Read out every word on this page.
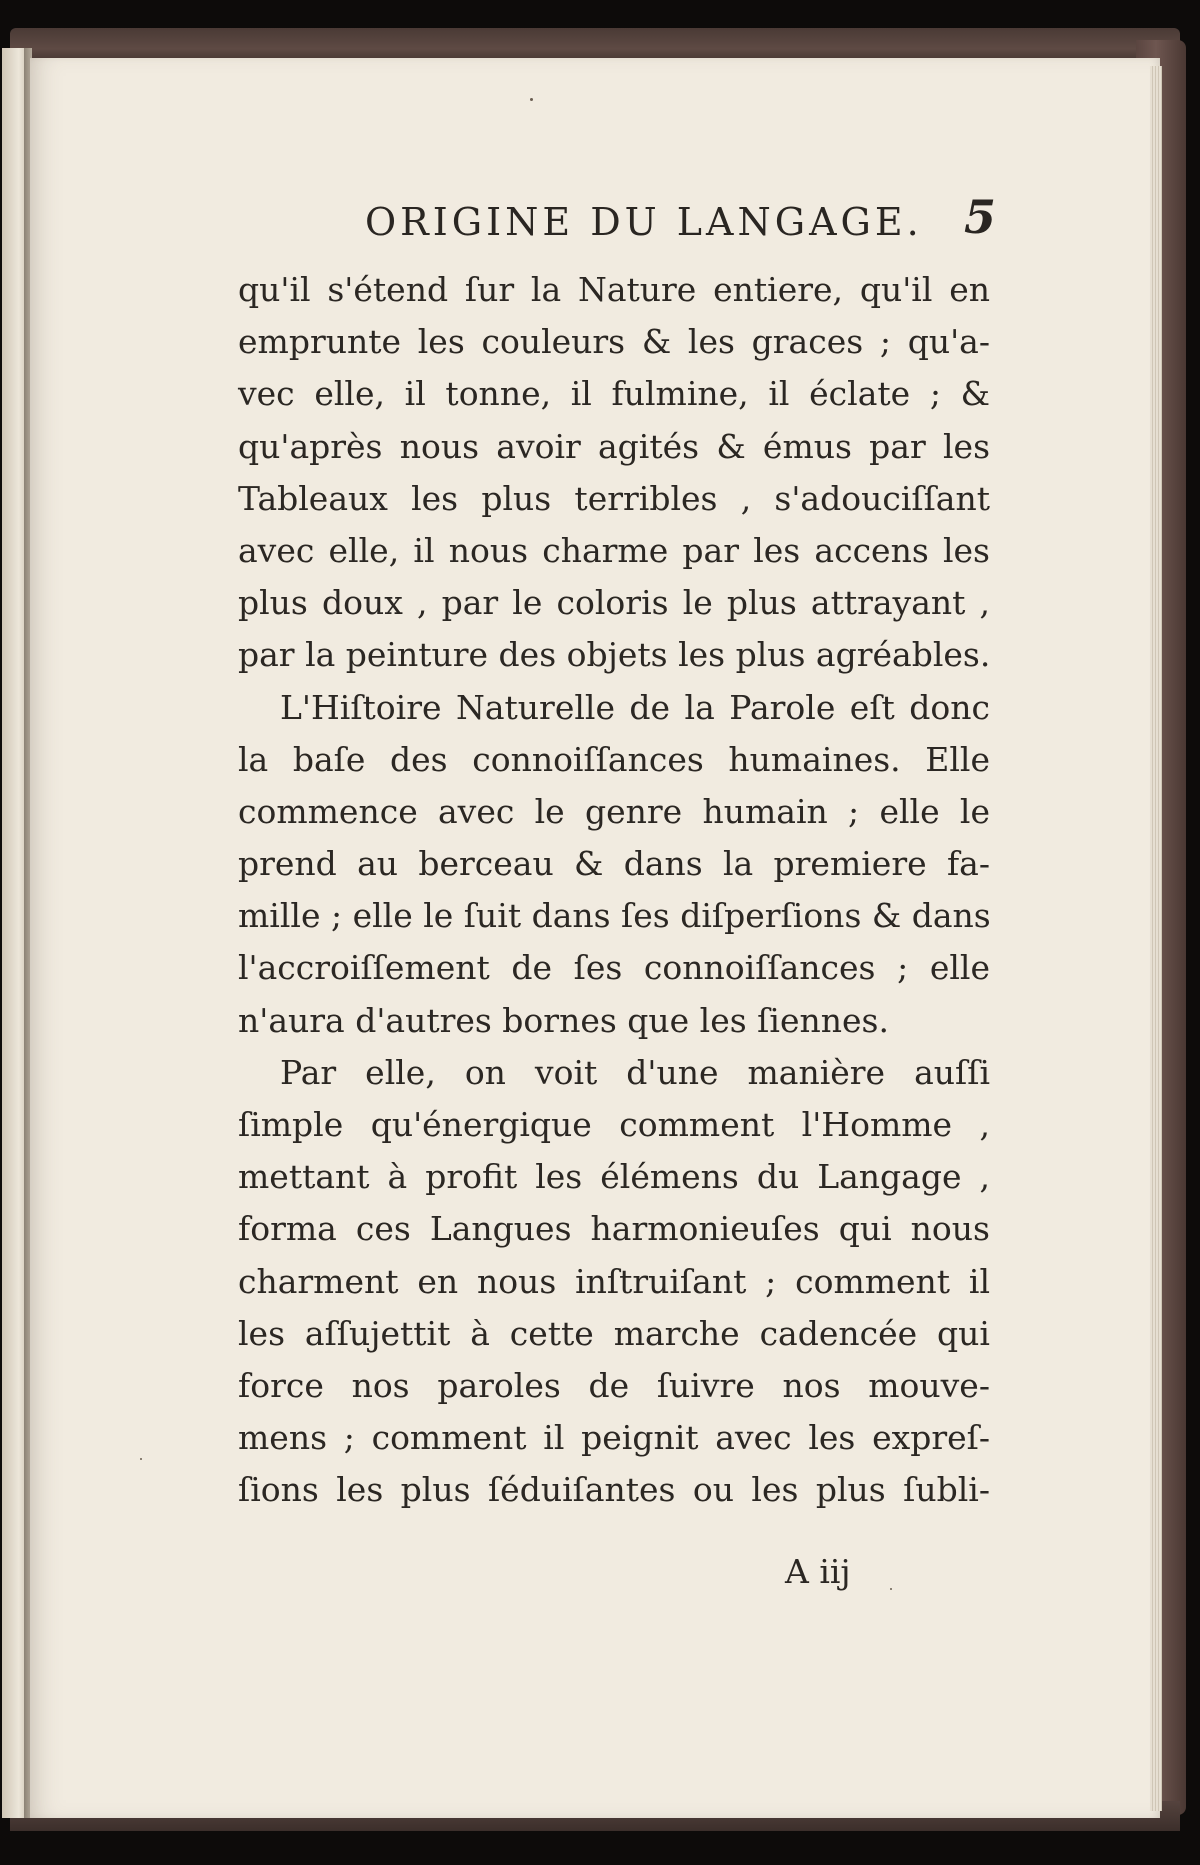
ORIGINE DU LANGAGE. 5
qu'il s'étend ſur la Nature entiere, qu'il en
emprunte les couleurs & les graces ; qu'a-
vec elle, il tonne, il fulmine, il éclate ; &
qu'après nous avoir agités & émus par les
Tableaux les plus terribles , s'adouciſſant
avec elle, il nous charme par les accens les
plus doux , par le coloris le plus attrayant ,
par la peinture des objets les plus agréables.
L'Hiſtoire Naturelle de la Parole eſt donc
la baſe des connoiſſances humaines. Elle
commence avec le genre humain ; elle le
prend au berceau & dans la premiere fa-
mille ; elle le ſuit dans ſes diſperſions & dans
l'accroiſſement de ſes connoiſſances ; elle
n'aura d'autres bornes que les ſiennes.
Par elle, on voit d'une manière auſſi
ſimple qu'énergique comment l'Homme ,
mettant à profit les élémens du Langage ,
forma ces Langues harmonieuſes qui nous
charment en nous inſtruiſant ; comment il
les aſſujettit à cette marche cadencée qui
force nos paroles de ſuivre nos mouve-
mens ; comment il peignit avec les expreſ-
ſions les plus ſéduiſantes ou les plus ſubli-
A iij
